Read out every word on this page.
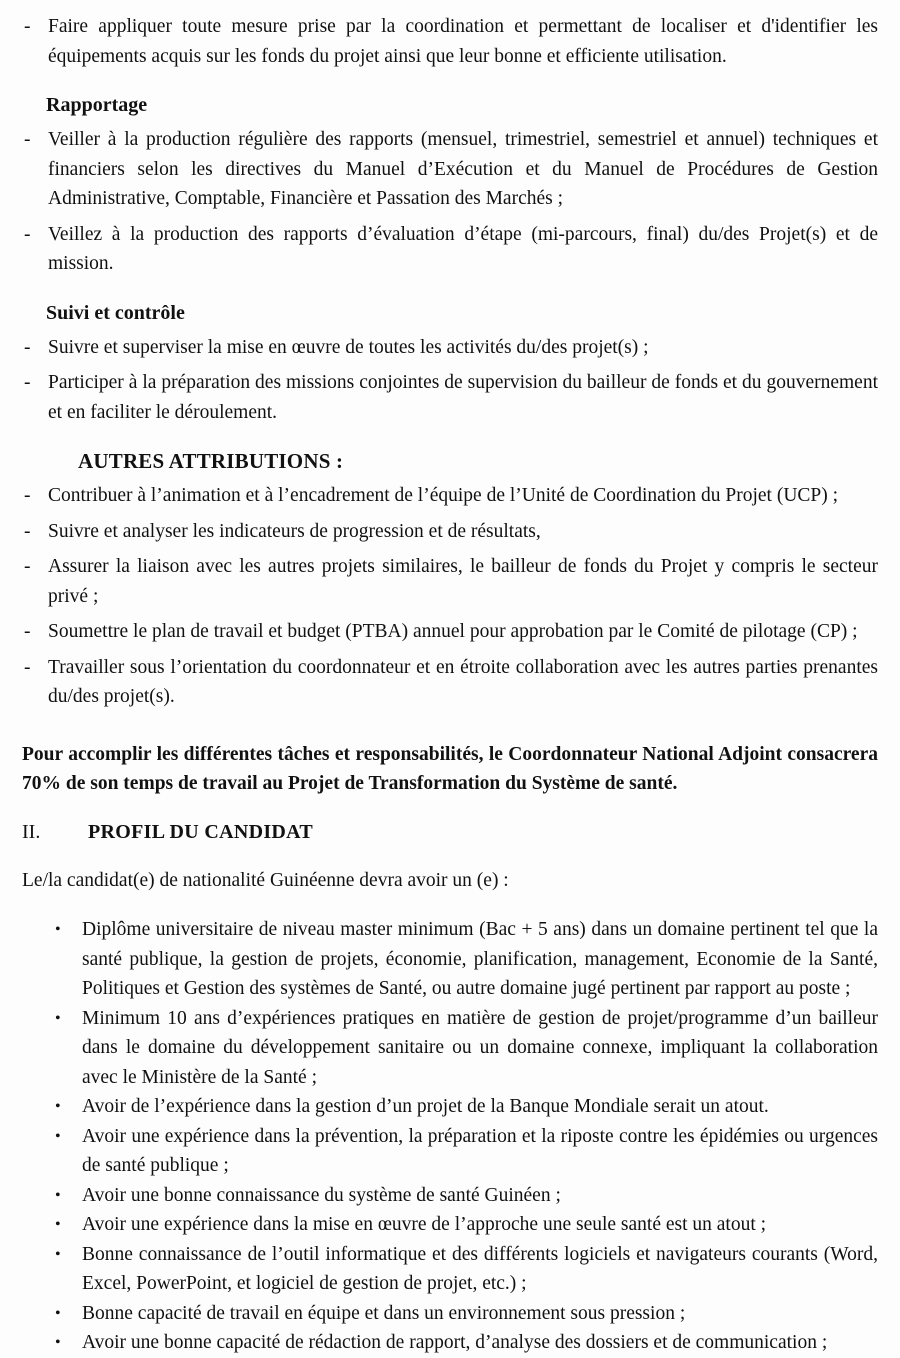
- Faire appliquer toute mesure prise par la coordination et permettant de localiser et d'identifier les équipements acquis sur les fonds du projet ainsi que leur bonne et efficiente utilisation.
Rapportage
- Veiller à la production régulière des rapports (mensuel, trimestriel, semestriel et annuel) techniques et financiers selon les directives du Manuel d’Exécution et du Manuel de Procédures de Gestion Administrative, Comptable, Financière et Passation des Marchés ;
- Veillez à la production des rapports d’évaluation d’étape (mi-parcours, final) du/des Projet(s) et de mission.
Suivi et contrôle
- Suivre et superviser la mise en œuvre de toutes les activités du/des projet(s) ;
- Participer à la préparation des missions conjointes de supervision du bailleur de fonds et du gouvernement et en faciliter le déroulement.
AUTRES ATTRIBUTIONS :
- Contribuer à l’animation et à l’encadrement de l’équipe de l’Unité de Coordination du Projet (UCP) ;
- Suivre et analyser les indicateurs de progression et de résultats,
- Assurer la liaison avec les autres projets similaires, le bailleur de fonds du Projet y compris le secteur privé ;
- Soumettre le plan de travail et budget (PTBA) annuel pour approbation par le Comité de pilotage (CP) ;
- Travailler sous l’orientation du coordonnateur et en étroite collaboration avec les autres parties prenantes du/des projet(s).
Pour accomplir les différentes tâches et responsabilités, le Coordonnateur National Adjoint consacrera 70% de son temps de travail au Projet de Transformation du Système de santé.
II. PROFIL DU CANDIDAT
Le/la candidat(e) de nationalité Guinéenne devra avoir un (e) :
• Diplôme universitaire de niveau master minimum (Bac + 5 ans) dans un domaine pertinent tel que la santé publique, la gestion de projets, économie, planification, management, Economie de la Santé, Politiques et Gestion des systèmes de Santé, ou autre domaine jugé pertinent par rapport au poste ;
• Minimum 10 ans d’expériences pratiques en matière de gestion de projet/programme d’un bailleur dans le domaine du développement sanitaire ou un domaine connexe, impliquant la collaboration avec le Ministère de la Santé ;
• Avoir de l’expérience dans la gestion d’un projet de la Banque Mondiale serait un atout.
• Avoir une expérience dans la prévention, la préparation et la riposte contre les épidémies ou urgences de santé publique ;
• Avoir une bonne connaissance du système de santé Guinéen ;
• Avoir une expérience dans la mise en œuvre de l’approche une seule santé est un atout ;
• Bonne connaissance de l’outil informatique et des différents logiciels et navigateurs courants (Word, Excel, PowerPoint, et logiciel de gestion de projet, etc.) ;
• Bonne capacité de travail en équipe et dans un environnement sous pression ;
• Avoir une bonne capacité de rédaction de rapport, d’analyse des dossiers et de communication ;
